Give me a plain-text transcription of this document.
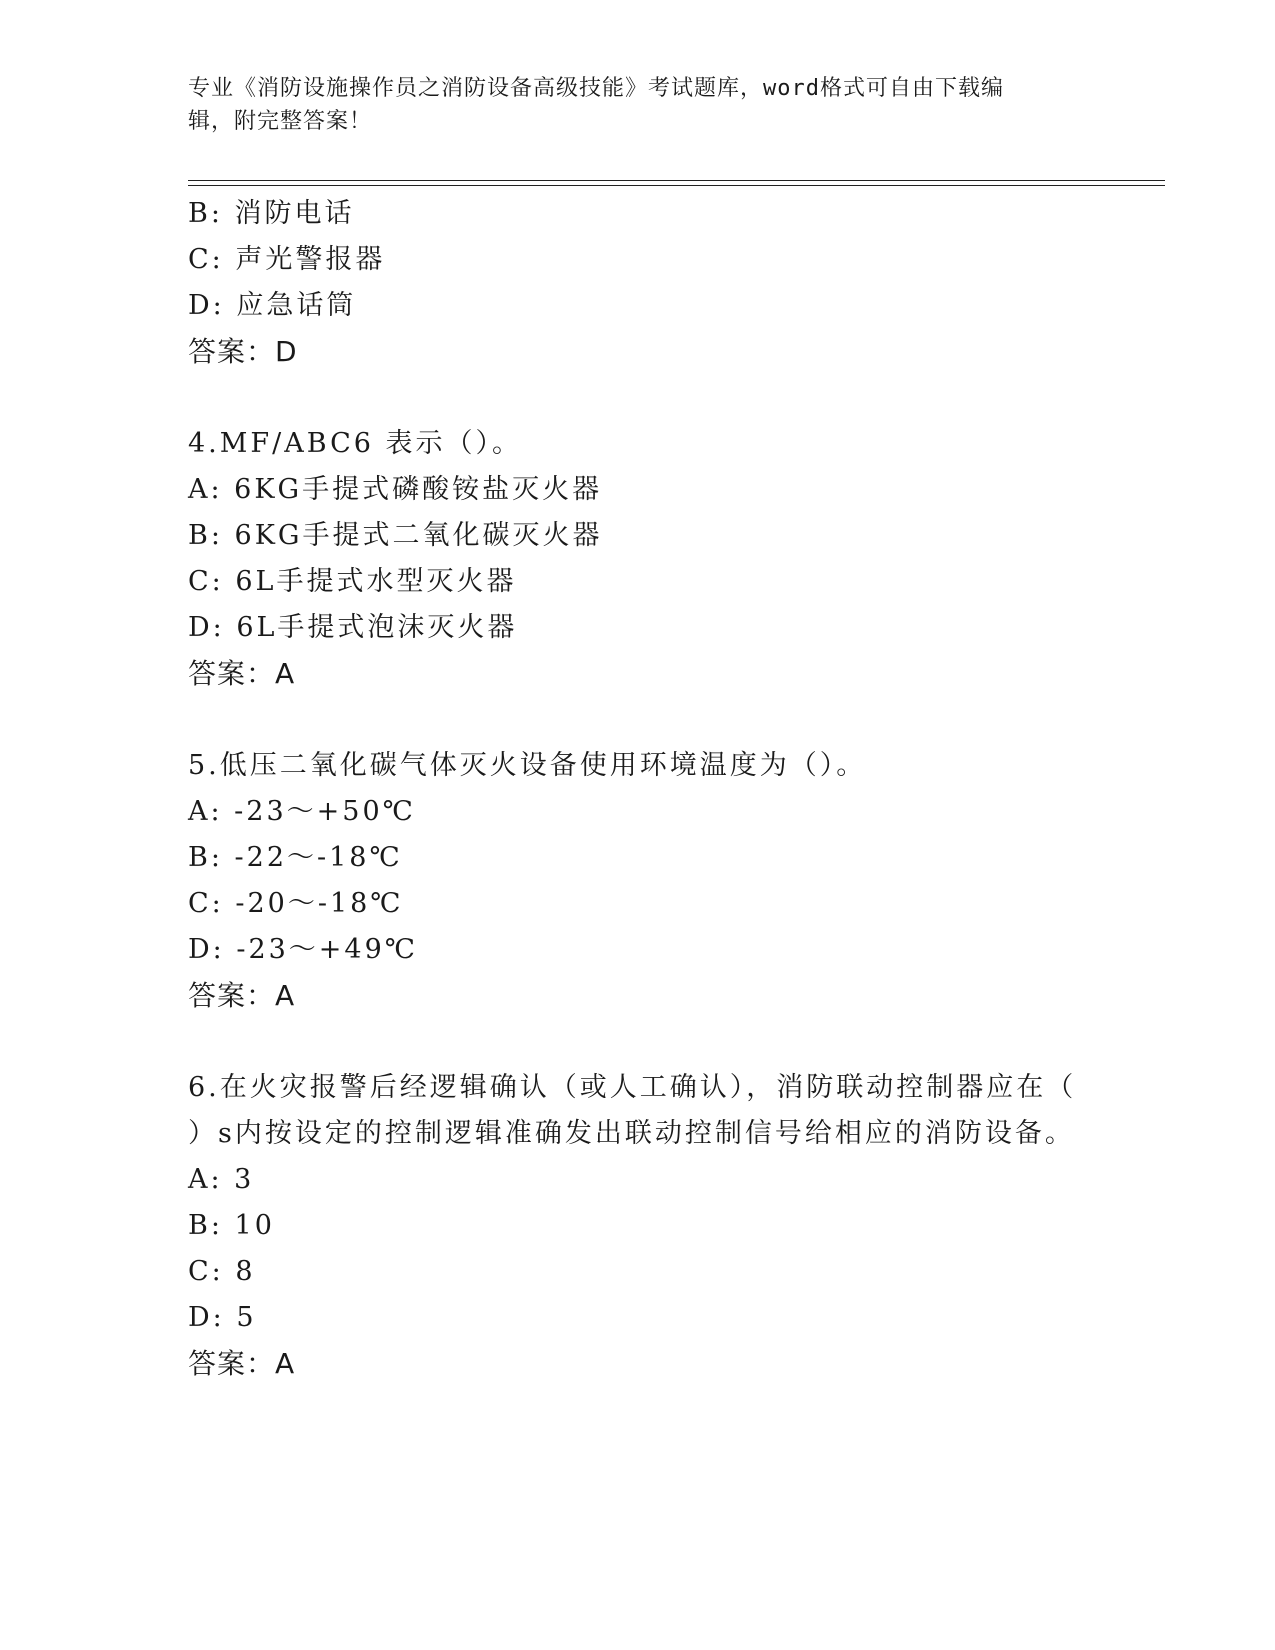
专业《消防设施操作员之消防设备高级技能》考试题库，word格式可自由下载编
辑，附完整答案！
B: 消防电话
C: 声光警报器
D: 应急话筒
答案：D
4.MF/ABC6 表示（）。
A: 6KG手提式磷酸铵盐灭火器
B: 6KG手提式二氧化碳灭火器
C: 6L手提式水型灭火器
D: 6L手提式泡沫灭火器
答案：A
5.低压二氧化碳气体灭火设备使用环境温度为（）。
A: -23～+50℃
B: -22～-18℃
C: -20～-18℃
D: -23～+49℃
答案：A
6.在火灾报警后经逻辑确认（或人工确认），消防联动控制器应在（
）s内按设定的控制逻辑准确发出联动控制信号给相应的消防设备。
A: 3
B: 10
C: 8
D: 5
答案：A
